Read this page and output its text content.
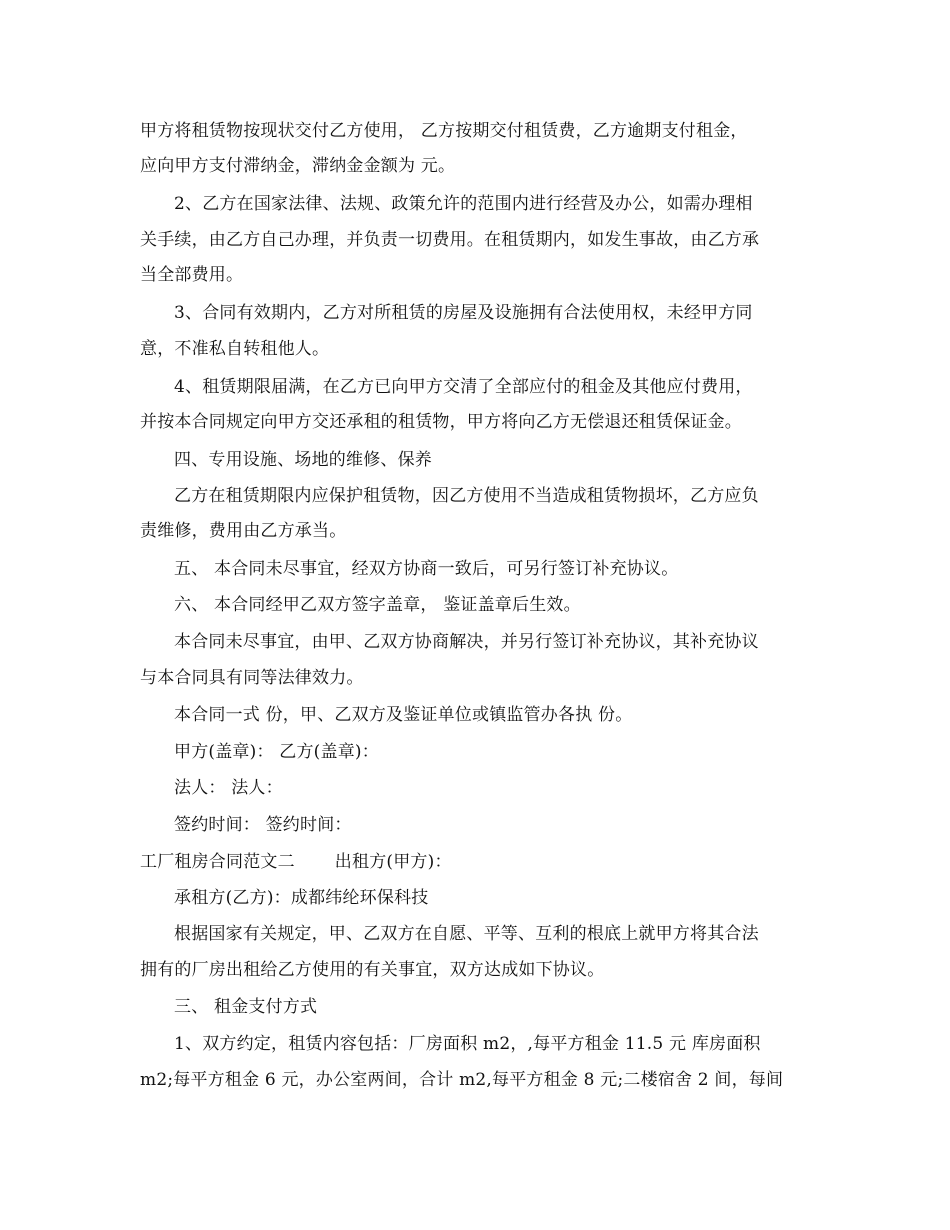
甲方将租赁物按现状交付乙方使用， 乙方按期交付租赁费，乙方逾期支付租金，
应向甲方支付滞纳金，滞纳金金额为 元。
2、乙方在国家法律、法规、政策允许的范围内进行经营及办公，如需办理相
关手续，由乙方自己办理，并负责一切费用。在租赁期内，如发生事故，由乙方承
当全部费用。
3、合同有效期内，乙方对所租赁的房屋及设施拥有合法使用权，未经甲方同
意，不准私自转租他人。
4、租赁期限届满，在乙方已向甲方交清了全部应付的租金及其他应付费用，
并按本合同规定向甲方交还承租的租赁物，甲方将向乙方无偿退还租赁保证金。
四、专用设施、场地的维修、保养
乙方在租赁期限内应保护租赁物，因乙方使用不当造成租赁物损坏，乙方应负
责维修，费用由乙方承当。
五、 本合同未尽事宜，经双方协商一致后，可另行签订补充协议。
六、 本合同经甲乙双方签字盖章， 鉴证盖章后生效。
本合同未尽事宜，由甲、乙双方协商解决，并另行签订补充协议，其补充协议
与本合同具有同等法律效力。
本合同一式 份，甲、乙双方及鉴证单位或镇监管办各执 份。
甲方(盖章)： 乙方(盖章)：
法人： 法人：
签约时间： 签约时间：
工厂租房合同范文二 　　出租方(甲方)：
承租方(乙方)：成都纬纶环保科技
根据国家有关规定，甲、乙双方在自愿、平等、互利的根底上就甲方将其合法
拥有的厂房出租给乙方使用的有关事宜，双方达成如下协议。
三、 租金支付方式
1、双方约定，租赁内容包括：厂房面积 m2，,每平方租金 11.5 元 库房面积
m2;每平方租金 6 元，办公室两间，合计 m2,每平方租金 8 元;二楼宿舍 2 间，每间
